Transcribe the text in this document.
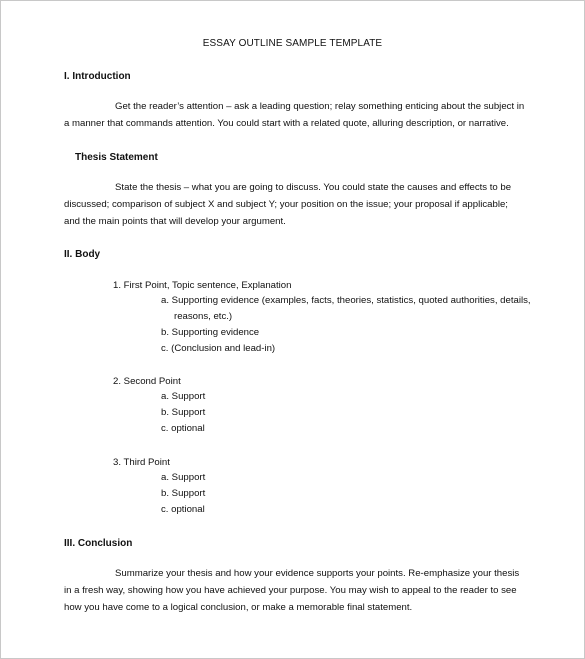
ESSAY OUTLINE SAMPLE TEMPLATE
I. Introduction
Get the reader’s attention – ask a leading question; relay something enticing about the subject in a manner that commands attention. You could start with a related quote, alluring description, or narrative.
Thesis Statement
State the thesis – what you are going to discuss. You could state the causes and effects to be discussed; comparison of subject X and subject Y; your position on the issue; your proposal if applicable; and the main points that will develop your argument.
II. Body
1. First Point, Topic sentence, Explanation
a. Supporting evidence (examples, facts, theories, statistics, quoted authorities, details, reasons, etc.)
b. Supporting evidence
c. (Conclusion and lead-in)
2. Second Point
a. Support
b. Support
c. optional
3. Third Point
a. Support
b. Support
c. optional
III. Conclusion
Summarize your thesis and how your evidence supports your points. Re-emphasize your thesis in a fresh way, showing how you have achieved your purpose. You may wish to appeal to the reader to see how you have come to a logical conclusion, or make a memorable final statement.
